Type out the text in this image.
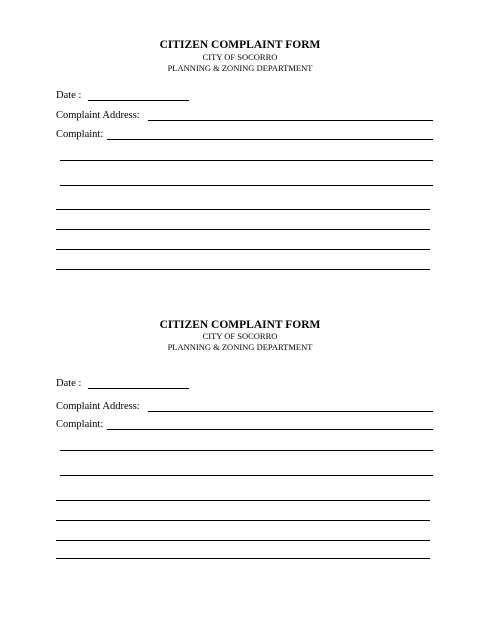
CITIZEN COMPLAINT FORM
CITY OF SOCORRO
PLANNING & ZONING DEPARTMENT
Date :
Complaint Address:
Complaint:
CITIZEN COMPLAINT FORM
CITY OF SOCORRO
PLANNING & ZONING DEPARTMENT
Date :
Complaint Address:
Complaint:
